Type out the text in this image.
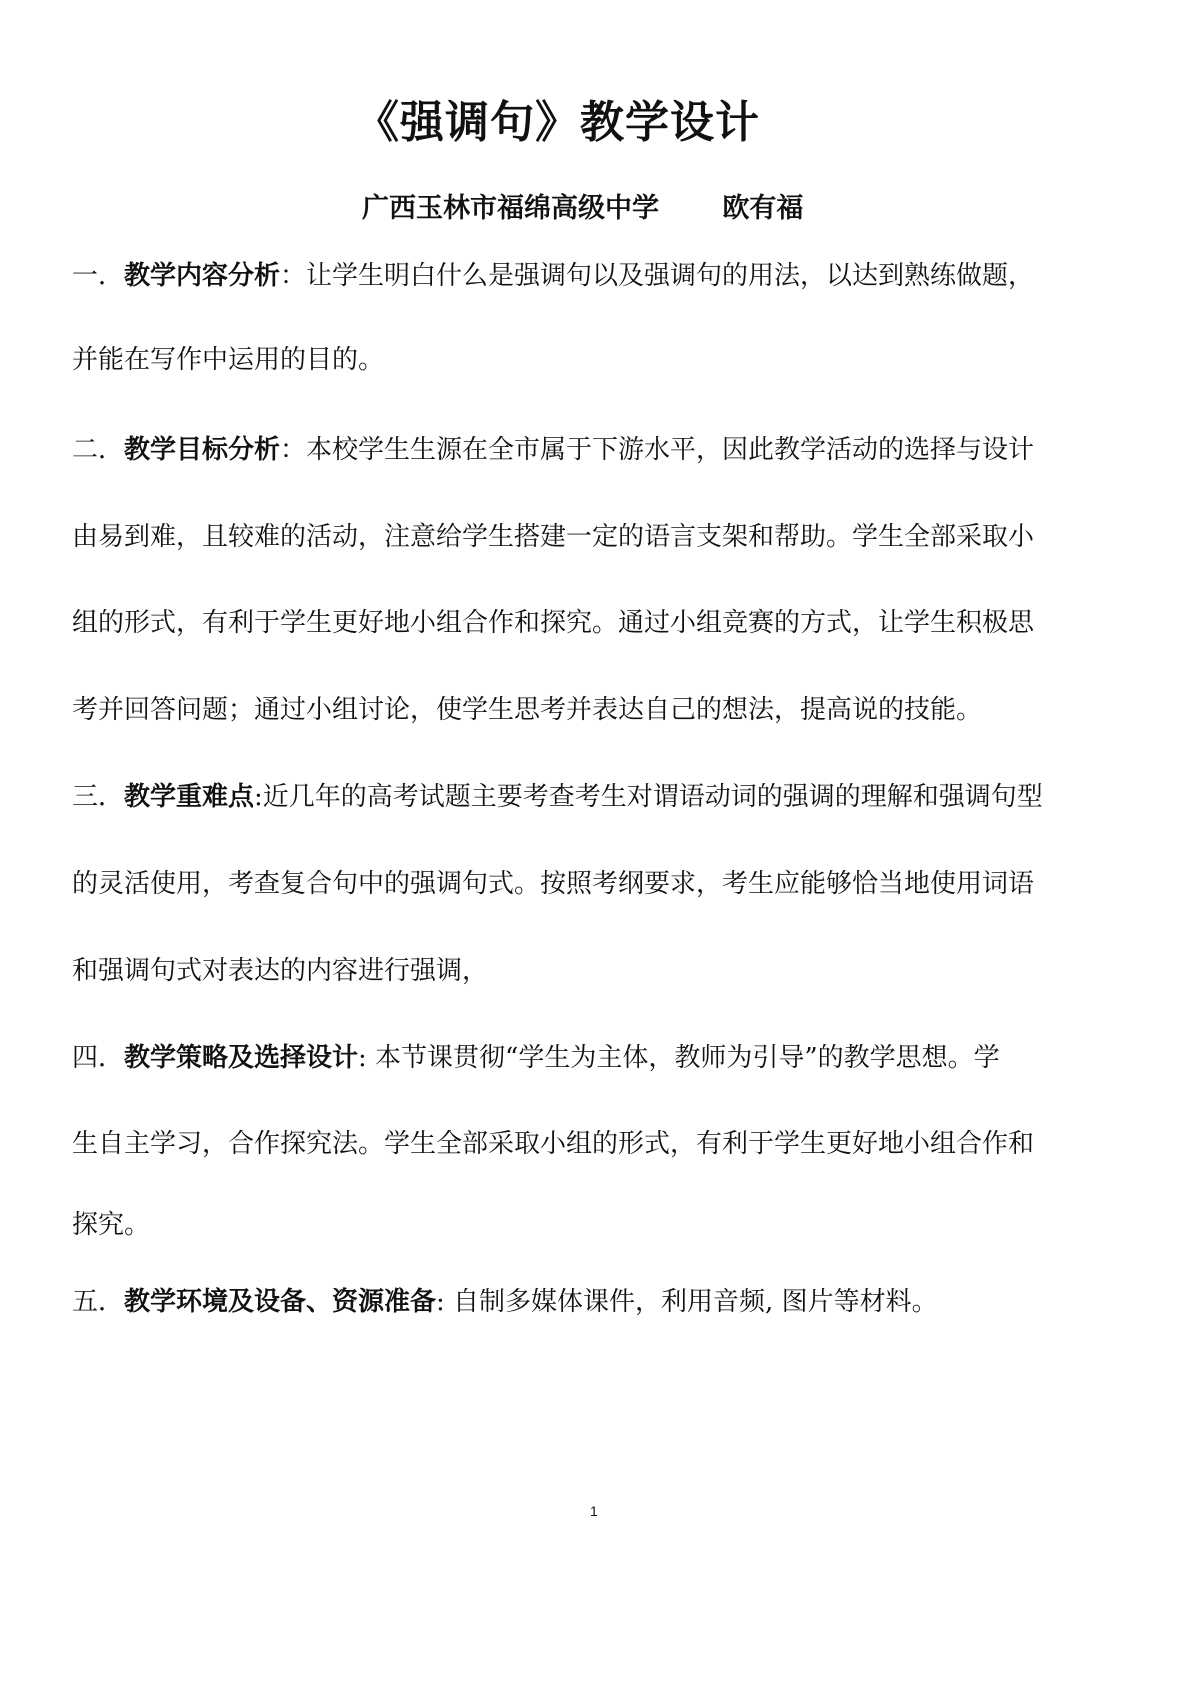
《强调句》教学设计
广西玉林市福绵高级中学 欧有福
一．教学内容分析：让学生明白什么是强调句以及强调句的用法，以达到熟练做题，
并能在写作中运用的目的。
二．教学目标分析：本校学生生源在全市属于下游水平，因此教学活动的选择与设计
由易到难，且较难的活动，注意给学生搭建一定的语言支架和帮助。学生全部采取小
组的形式，有利于学生更好地小组合作和探究。通过小组竞赛的方式，让学生积极思
考并回答问题；通过小组讨论，使学生思考并表达自己的想法，提高说的技能。
三．教学重难点:近几年的高考试题主要考查考生对谓语动词的强调的理解和强调句型
的灵活使用，考查复合句中的强调句式。按照考纲要求，考生应能够恰当地使用词语
和强调句式对表达的内容进行强调，
四．教学策略及选择设计: 本节课贯彻“学生为主体，教师为引导”的教学思想。学
生自主学习，合作探究法。学生全部采取小组的形式，有利于学生更好地小组合作和
探究。
五．教学环境及设备、资源准备: 自制多媒体课件，利用音频, 图片等材料。
1
